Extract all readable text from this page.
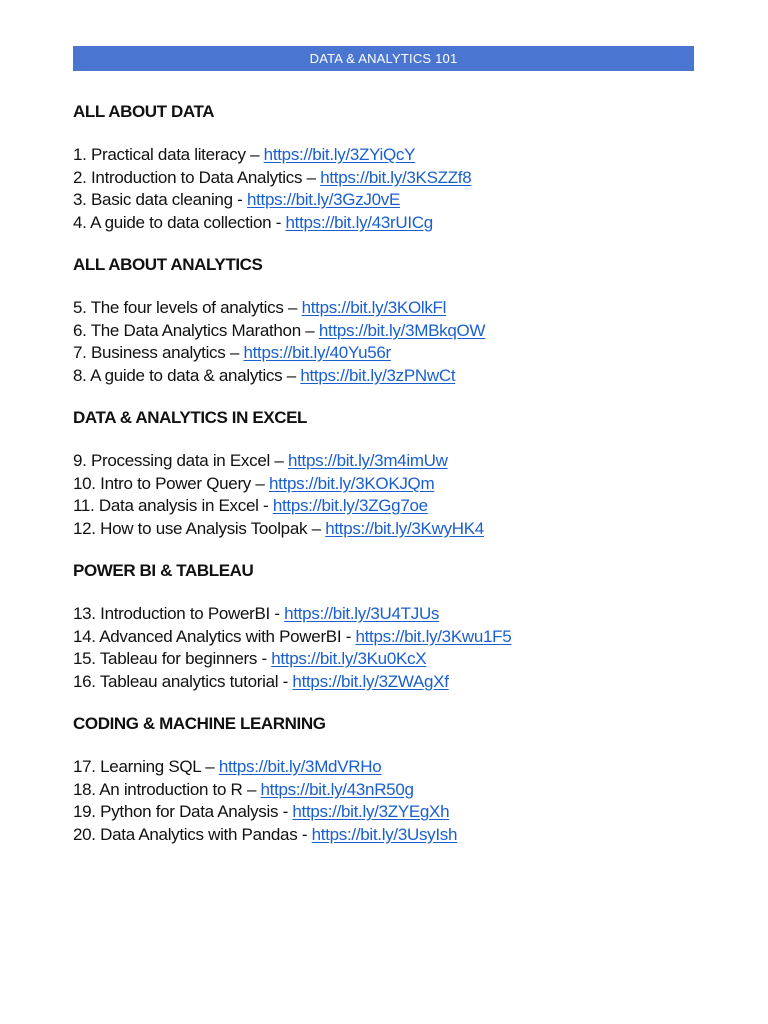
DATA & ANALYTICS 101
ALL ABOUT DATA
1. Practical data literacy – https://bit.ly/3ZYiQcY
2. Introduction to Data Analytics – https://bit.ly/3KSZZf8
3. Basic data cleaning - https://bit.ly/3GzJ0vE
4. A guide to data collection - https://bit.ly/43rUICg
ALL ABOUT ANALYTICS
5. The four levels of analytics – https://bit.ly/3KOlkFl
6. The Data Analytics Marathon – https://bit.ly/3MBkqOW
7. Business analytics – https://bit.ly/40Yu56r
8. A guide to data & analytics – https://bit.ly/3zPNwCt
DATA & ANALYTICS IN EXCEL
9. Processing data in Excel – https://bit.ly/3m4imUw
10. Intro to Power Query – https://bit.ly/3KOKJQm
11. Data analysis in Excel - https://bit.ly/3ZGg7oe
12. How to use Analysis Toolpak – https://bit.ly/3KwyHK4
POWER BI & TABLEAU
13. Introduction to PowerBI - https://bit.ly/3U4TJUs
14. Advanced Analytics with PowerBI - https://bit.ly/3Kwu1F5
15. Tableau for beginners - https://bit.ly/3Ku0KcX
16. Tableau analytics tutorial - https://bit.ly/3ZWAgXf
CODING & MACHINE LEARNING
17. Learning SQL – https://bit.ly/3MdVRHo
18. An introduction to R – https://bit.ly/43nR50g
19. Python for Data Analysis - https://bit.ly/3ZYEgXh
20. Data Analytics with Pandas - https://bit.ly/3UsyIsh
